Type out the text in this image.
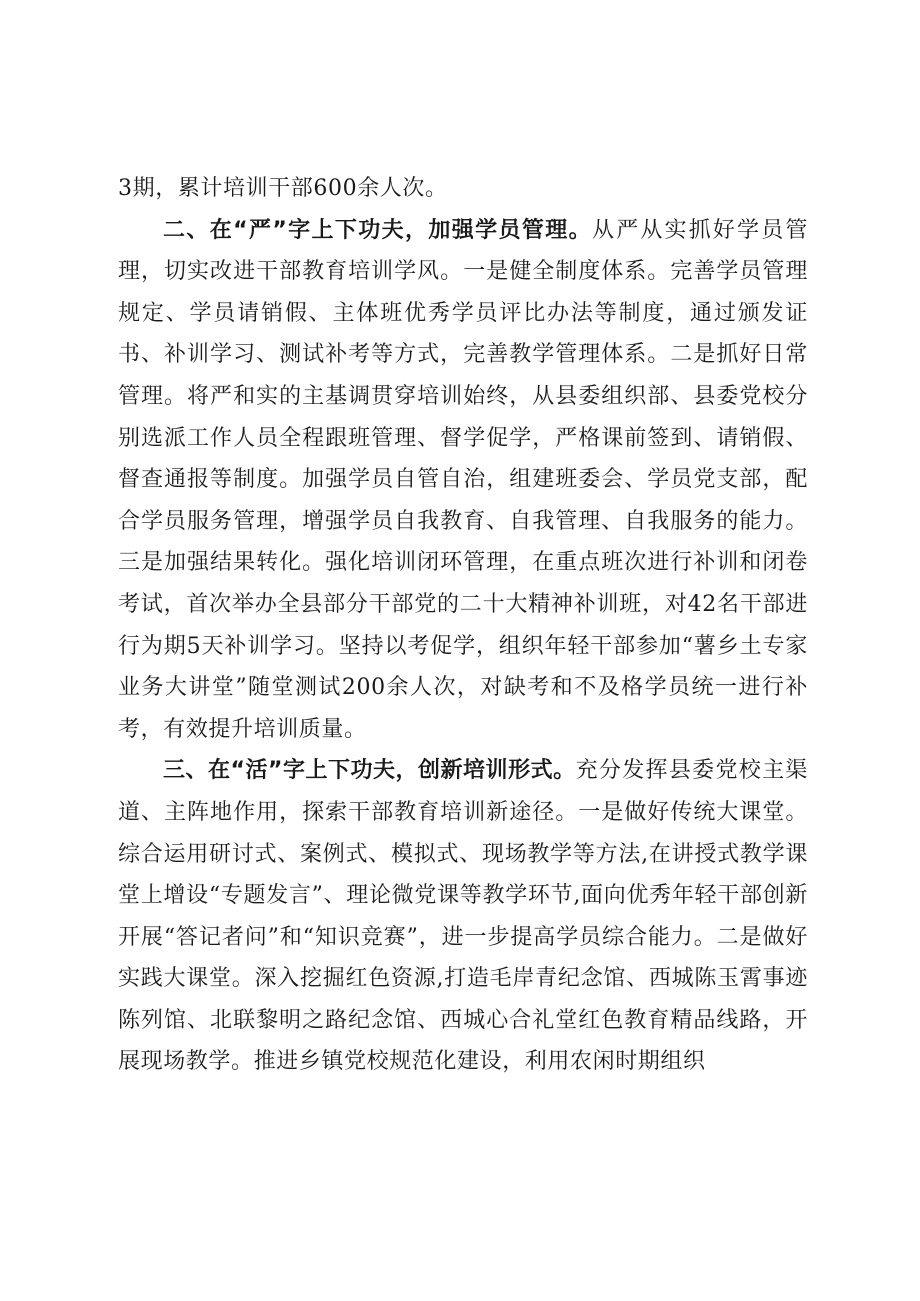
3期，累计培训干部600余人次。

二、在“严”字上下功夫，加强学员管理。从严从实抓好学员管理，切实改进干部教育培训学风。一是健全制度体系。完善学员管理规定、学员请销假、主体班优秀学员评比办法等制度，通过颁发证书、补训学习、测试补考等方式，完善教学管理体系。二是抓好日常管理。将严和实的主基调贯穿培训始终，从县委组织部、县委党校分别选派工作人员全程跟班管理、督学促学，严格课前签到、请销假、督查通报等制度。加强学员自管自治，组建班委会、学员党支部，配合学员服务管理，增强学员自我教育、自我管理、自我服务的能力。三是加强结果转化。强化培训闭环管理，在重点班次进行补训和闭卷考试，首次举办全县部分干部党的二十大精神补训班，对42名干部进行为期5天补训学习。坚持以考促学，组织年轻干部参加“薯乡土专家业务大讲堂”随堂测试200余人次，对缺考和不及格学员统一进行补考，有效提升培训质量。

三、在“活”字上下功夫，创新培训形式。充分发挥县委党校主渠道、主阵地作用，探索干部教育培训新途径。一是做好传统大课堂。综合运用研讨式、案例式、模拟式、现场教学等方法,在讲授式教学课堂上增设“专题发言”、理论微党课等教学环节,面向优秀年轻干部创新开展“答记者问”和“知识竞赛”，进一步提高学员综合能力。二是做好实践大课堂。深入挖掘红色资源,打造毛岸青纪念馆、西城陈玉霄事迹陈列馆、北联黎明之路纪念馆、西城心合礼堂红色教育精品线路，开展现场教学。推进乡镇党校规范化建设，利用农闲时期组织
